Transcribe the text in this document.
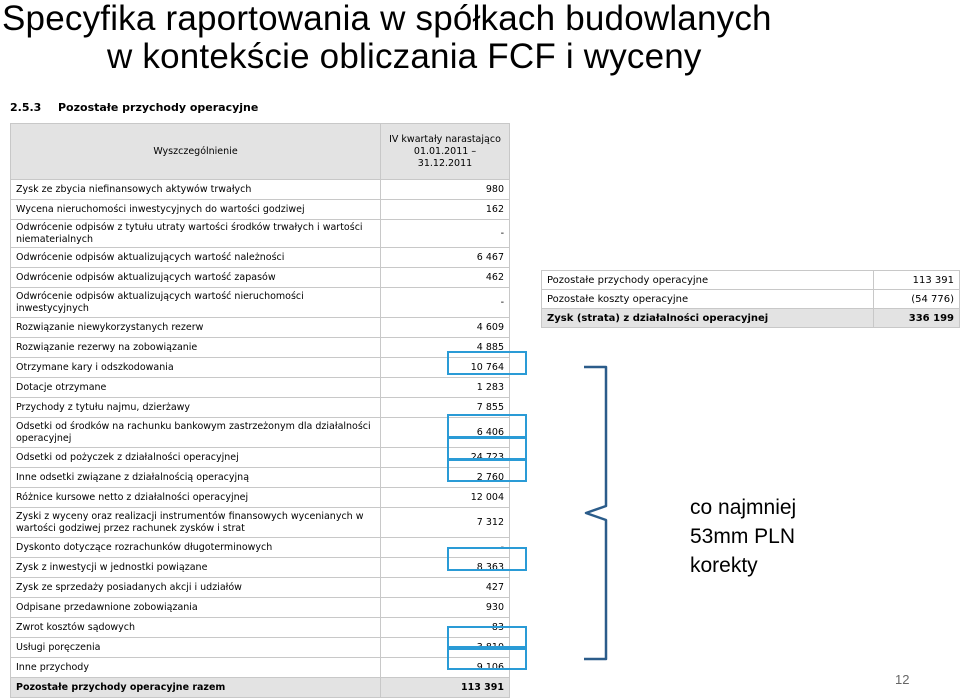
Specyfika raportowania w spółkach budowlanych
w kontekście obliczania FCF i wyceny
2.5.3 Pozostałe przychody operacyjne
Wyszczególnienie	IV kwartały narastająco 01.01.2011 – 31.12.2011
Zysk ze zbycia niefinansowych aktywów trwałych	980
Wycena nieruchomości inwestycyjnych do wartości godziwej	162
Odwrócenie odpisów z tytułu utraty wartości środków trwałych i wartości niematerialnych	-
Odwrócenie odpisów aktualizujących wartość należności	6 467
Odwrócenie odpisów aktualizujących wartość zapasów	462
Odwrócenie odpisów aktualizujących wartość nieruchomości inwestycyjnych	-
Rozwiązanie niewykorzystanych rezerw	4 609
Rozwiązanie rezerwy na zobowiązanie	4 885
Otrzymane kary i odszkodowania	10 764
Dotacje otrzymane	1 283
Przychody z tytułu najmu, dzierżawy	7 855
Odsetki od środków na rachunku bankowym zastrzeżonym dla działalności operacyjnej	6 406
Odsetki od pożyczek z działalności operacyjnej	24 723
Inne odsetki związane z działalnością operacyjną	2 760
Różnice kursowe netto z działalności operacyjnej	12 004
Zyski z wyceny oraz realizacji instrumentów finansowych wycenianych w wartości godziwej przez rachunek zysków i strat	7 312
Dyskonto dotyczące rozrachunków długoterminowych	-
Zysk z inwestycji w jednostki powiązane	8 363
Zysk ze sprzedaży posiadanych akcji i udziałów	427
Odpisane przedawnione zobowiązania	930
Zwrot kosztów sądowych	83
Usługi poręczenia	3 810
Inne przychody	9 106
Pozostałe przychody operacyjne razem	113 391
Pozostałe przychody operacyjne	113 391
Pozostałe koszty operacyjne	(54 776)
Zysk (strata) z działalności operacyjnej	336 199
co najmniej
53mm PLN
korekty
12
